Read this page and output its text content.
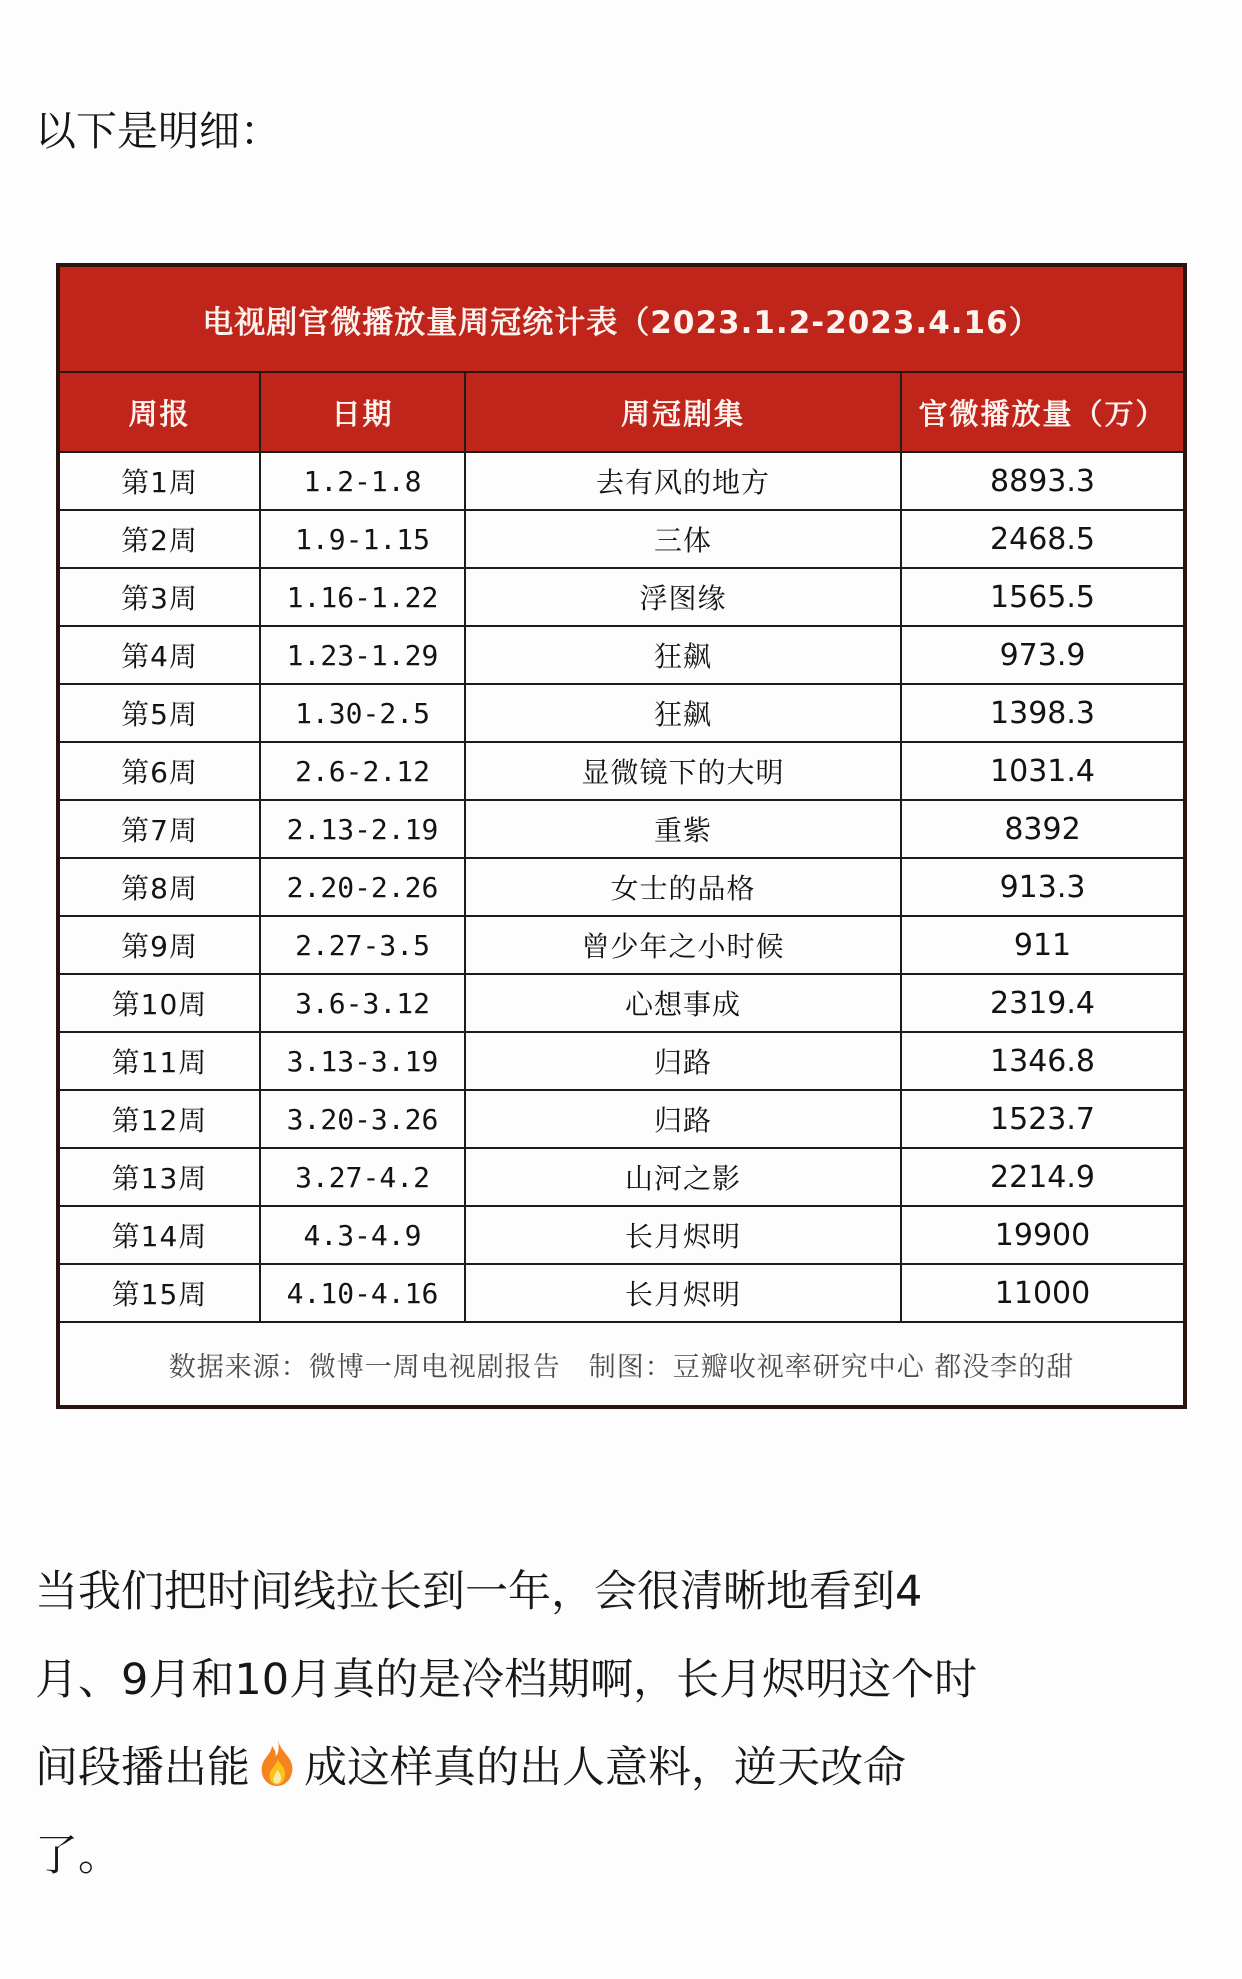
以下是明细：

电视剧官微播放量周冠统计表（2023.1.2-2023.4.16）			
周报	日期	周冠剧集	官微播放量（万）
第1周	1.2-1.8	去有风的地方	8893.3
第2周	1.9-1.15	三体	2468.5
第3周	1.16-1.22	浮图缘	1565.5
第4周	1.23-1.29	狂飙	973.9
第5周	1.30-2.5	狂飙	1398.3
第6周	2.6-2.12	显微镜下的大明	1031.4
第7周	2.13-2.19	重紫	8392
第8周	2.20-2.26	女士的品格	913.3
第9周	2.27-3.5	曾少年之小时候	911
第10周	3.6-3.12	心想事成	2319.4
第11周	3.13-3.19	归路	1346.8
第12周	3.20-3.26	归路	1523.7
第13周	3.27-4.2	山河之影	2214.9
第14周	4.3-4.9	长月烬明	19900
第15周	4.10-4.16	长月烬明	11000
数据来源：微博一周电视剧报告　制图：豆瓣收视率研究中心 都没李的甜			
当我们把时间线拉长到一年，会很清晰地看到4
月、9月和10月真的是冷档期啊，长月烬明这个时
间段播出能 成这样真的出人意料，逆天改命
了。
